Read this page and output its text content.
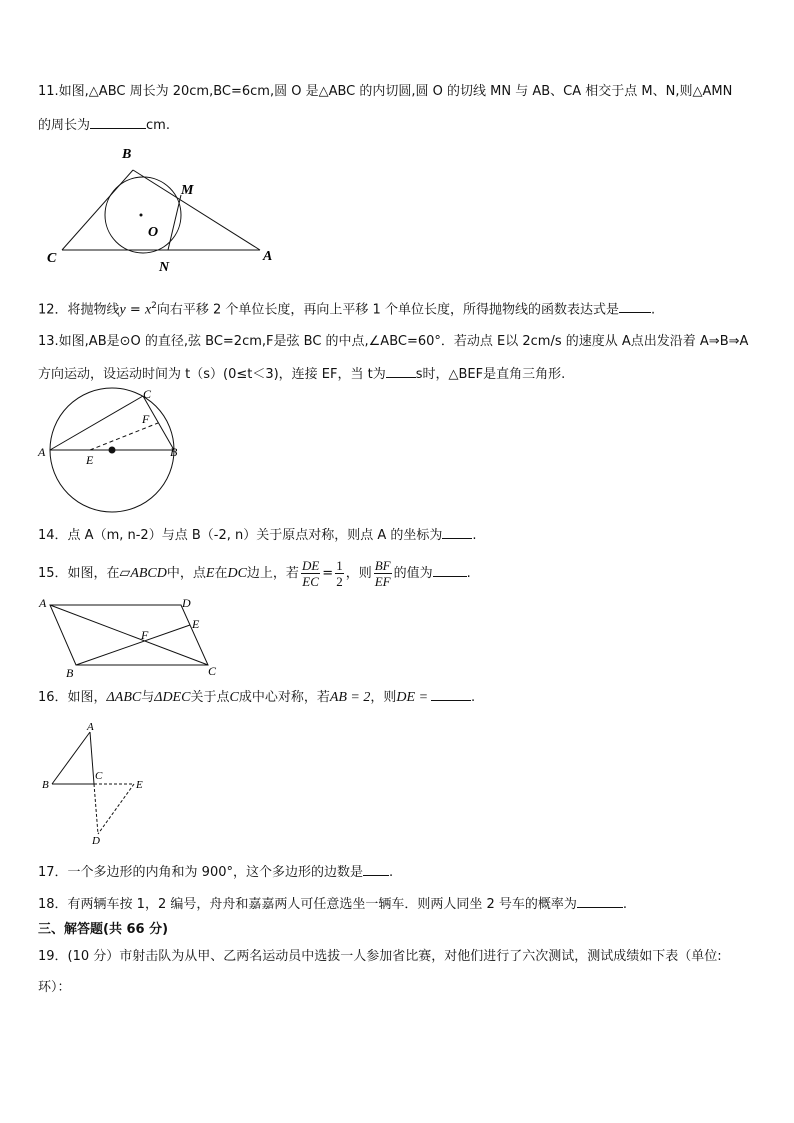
11.如图,△ABC 周长为 20cm,BC=6cm,圆 O 是△ABC 的内切圆,圆 O 的切线 MN 与 AB、CA 相交于点 M、N,则△AMN
的周长为	cm.
B
M
O
C
N
A
12．将抛物线$y = x^2$向右平移 2 个单位长度，再向上平移 1 个单位长度，所得抛物线的函数表达式是 .
13.如图,AB是⊙O 的直径,弦 BC=2cm,F是弦 BC 的中点,∠ABC=60°．若动点 E以 2cm/s 的速度从 A点出发沿着 A⇒B⇒A
方向运动，设运动时间为 t（s）(0≤t＜3)，连接 EF，当 t为 s时，△BEF是直角三角形.
C
F
A
E
B
14．点 A（m, n-2）与点 B（-2, n）关于原点对称，则点 A 的坐标为 .
15．如图，在▱ABCD中，点E在DC边上，若 $\frac{DE}{EC} = \frac{1}{2}$ ，则 $\frac{BF}{EF}$ 的值为	.
A	D
E
F
B	C
16．如图，ΔABC与ΔDEC关于点C成中心对称，若AB = 2，则DE =	.
A
B
C
E
D
17．一个多边形的内角和为 900°，这个多边形的边数是 .
18．有两辆车按 1，2 编号，舟舟和嘉嘉两人可任意选坐一辆车．则两人同坐 2 号车的概率为	.
三、解答题(共 66 分)
19．(10 分）市射击队为从甲、乙两名运动员中选拔一人参加省比赛，对他们进行了六次测试，测试成绩如下表（单位:
环）：
